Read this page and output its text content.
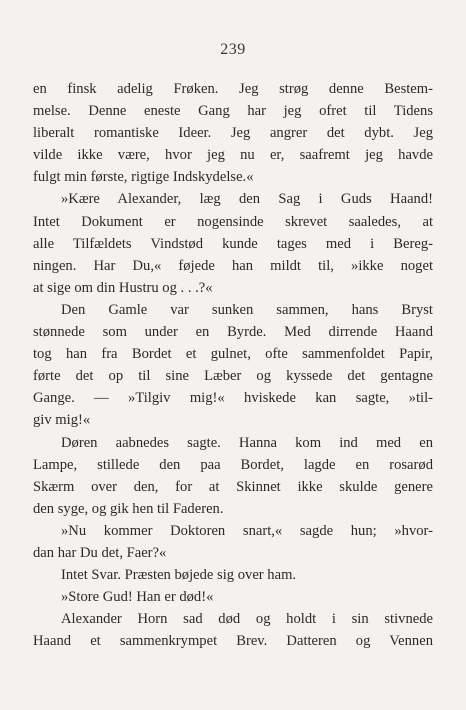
239
en finsk adelig Frøken. Jeg strøg denne Bestem-
melse. Denne eneste Gang har jeg ofret til Tidens
liberalt romantiske Ideer. Jeg angrer det dybt. Jeg
vilde ikke være, hvor jeg nu er, saafremt jeg havde
fulgt min første, rigtige Indskydelse.«
»Kære Alexander, læg den Sag i Guds Haand!
Intet Dokument er nogensinde skrevet saaledes, at
alle Tilfældets Vindstød kunde tages med i Bereg-
ningen. Har Du,« føjede han mildt til, »ikke noget
at sige om din Hustru og . . .?«
Den Gamle var sunken sammen, hans Bryst
stønnede som under en Byrde. Med dirrende Haand
tog han fra Bordet et gulnet, ofte sammenfoldet Papir,
førte det op til sine Læber og kyssede det gentagne
Gange. — »Tilgiv mig!« hviskede kan sagte, »til-
giv mig!«
Døren aabnedes sagte. Hanna kom ind med en
Lampe, stillede den paa Bordet, lagde en rosarød
Skærm over den, for at Skinnet ikke skulde genere
den syge, og gik hen til Faderen.
»Nu kommer Doktoren snart,« sagde hun; »hvor-
dan har Du det, Faer?«
Intet Svar. Præsten bøjede sig over ham.
»Store Gud! Han er død!«
Alexander Horn sad død og holdt i sin stivnede
Haand et sammenkrympet Brev. Datteren og Vennen
